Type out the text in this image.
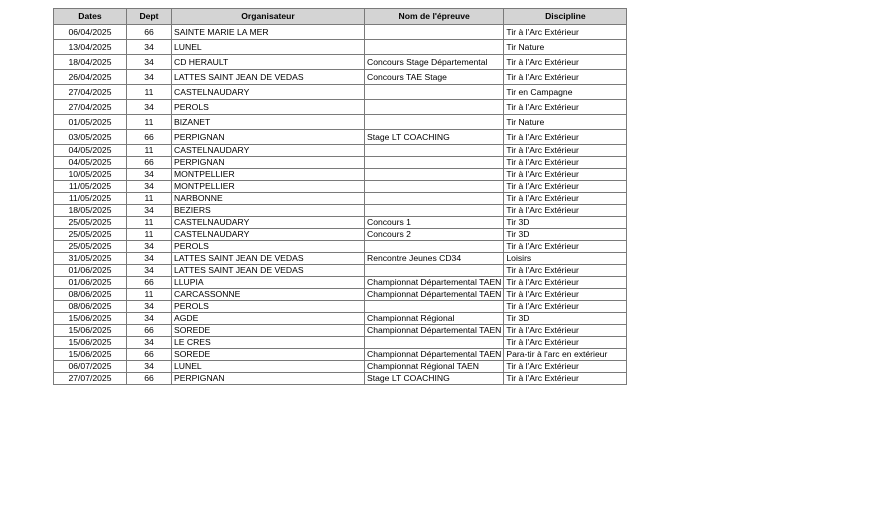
Dates	Dept	Organisateur	Nom de l'épreuve	Discipline
06/04/2025	66	SAINTE MARIE LA MER		Tir à l'Arc Extérieur
13/04/2025	34	LUNEL		Tir Nature
18/04/2025	34	CD HERAULT	Concours Stage Départemental	Tir à l'Arc Extérieur
26/04/2025	34	LATTES SAINT JEAN DE VEDAS	Concours TAE Stage	Tir à l'Arc Extérieur
27/04/2025	11	CASTELNAUDARY		Tir en Campagne
27/04/2025	34	PEROLS		Tir à l'Arc Extérieur
01/05/2025	11	BIZANET		Tir Nature
03/05/2025	66	PERPIGNAN	Stage LT COACHING	Tir à l'Arc Extérieur
04/05/2025	11	CASTELNAUDARY		Tir à l'Arc Extérieur
04/05/2025	66	PERPIGNAN		Tir à l'Arc Extérieur
10/05/2025	34	MONTPELLIER		Tir à l'Arc Extérieur
11/05/2025	34	MONTPELLIER		Tir à l'Arc Extérieur
11/05/2025	11	NARBONNE		Tir à l'Arc Extérieur
18/05/2025	34	BEZIERS		Tir à l'Arc Extérieur
25/05/2025	11	CASTELNAUDARY	Concours 1	Tir 3D
25/05/2025	11	CASTELNAUDARY	Concours 2	Tir 3D
25/05/2025	34	PEROLS		Tir à l'Arc Extérieur
31/05/2025	34	LATTES SAINT JEAN DE VEDAS	Rencontre Jeunes CD34	Loisirs
01/06/2025	34	LATTES SAINT JEAN DE VEDAS		Tir à l'Arc Extérieur
01/06/2025	66	LLUPIA	Championnat Départemental TAEN	Tir à l'Arc Extérieur
08/06/2025	11	CARCASSONNE	Championnat Départemental TAEN	Tir à l'Arc Extérieur
08/06/2025	34	PEROLS		Tir à l'Arc Extérieur
15/06/2025	34	AGDE	Championnat Régional	Tir 3D
15/06/2025	66	SOREDE	Championnat Départemental TAEN	Tir à l'Arc Extérieur
15/06/2025	34	LE CRES		Tir à l'Arc Extérieur
15/06/2025	66	SOREDE	Championnat Départemental TAEN	Para-tir à l'arc en extérieur
06/07/2025	34	LUNEL	Championnat Régional TAEN	Tir à l'Arc Extérieur
27/07/2025	66	PERPIGNAN	Stage LT COACHING	Tir à l'Arc Extérieur
